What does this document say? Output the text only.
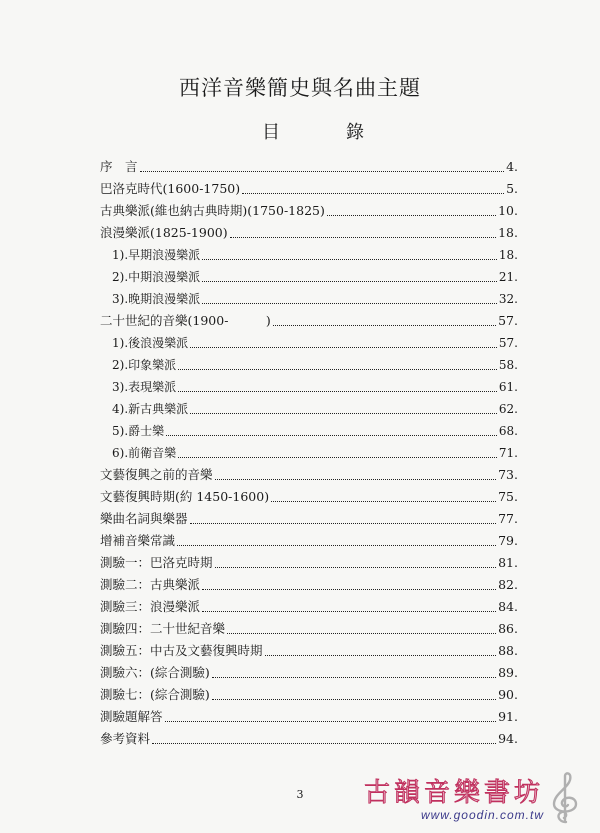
西洋音樂簡史與名曲主題
目	錄
序　言	4.
巴洛克時代(1600-1750)	5.
古典樂派(維也納古典時期)(1750-1825)	10.
浪漫樂派(1825-1900)	18.
1).早期浪漫樂派	18.
2).中期浪漫樂派	21.
3).晚期浪漫樂派	32.
二十世紀的音樂(1900-　　　)	57.
1).後浪漫樂派	57.
2).印象樂派	58.
3).表現樂派	61.
4).新古典樂派	62.
5).爵士樂	68.
6).前衛音樂	71.
文藝復興之前的音樂	73.
文藝復興時期(約 1450-1600)	75.
樂曲名詞與樂器	77.
增補音樂常識	79.
測驗一：巴洛克時期	81.
測驗二：古典樂派	82.
測驗三：浪漫樂派	84.
測驗四：二十世紀音樂	86.
測驗五：中古及文藝復興時期	88.
測驗六：(綜合測驗)	89.
測驗七：(綜合測驗)	90.
測驗題解答	91.
參考資料	94.
3	古韻音樂書坊
www.goodin.com.tw
